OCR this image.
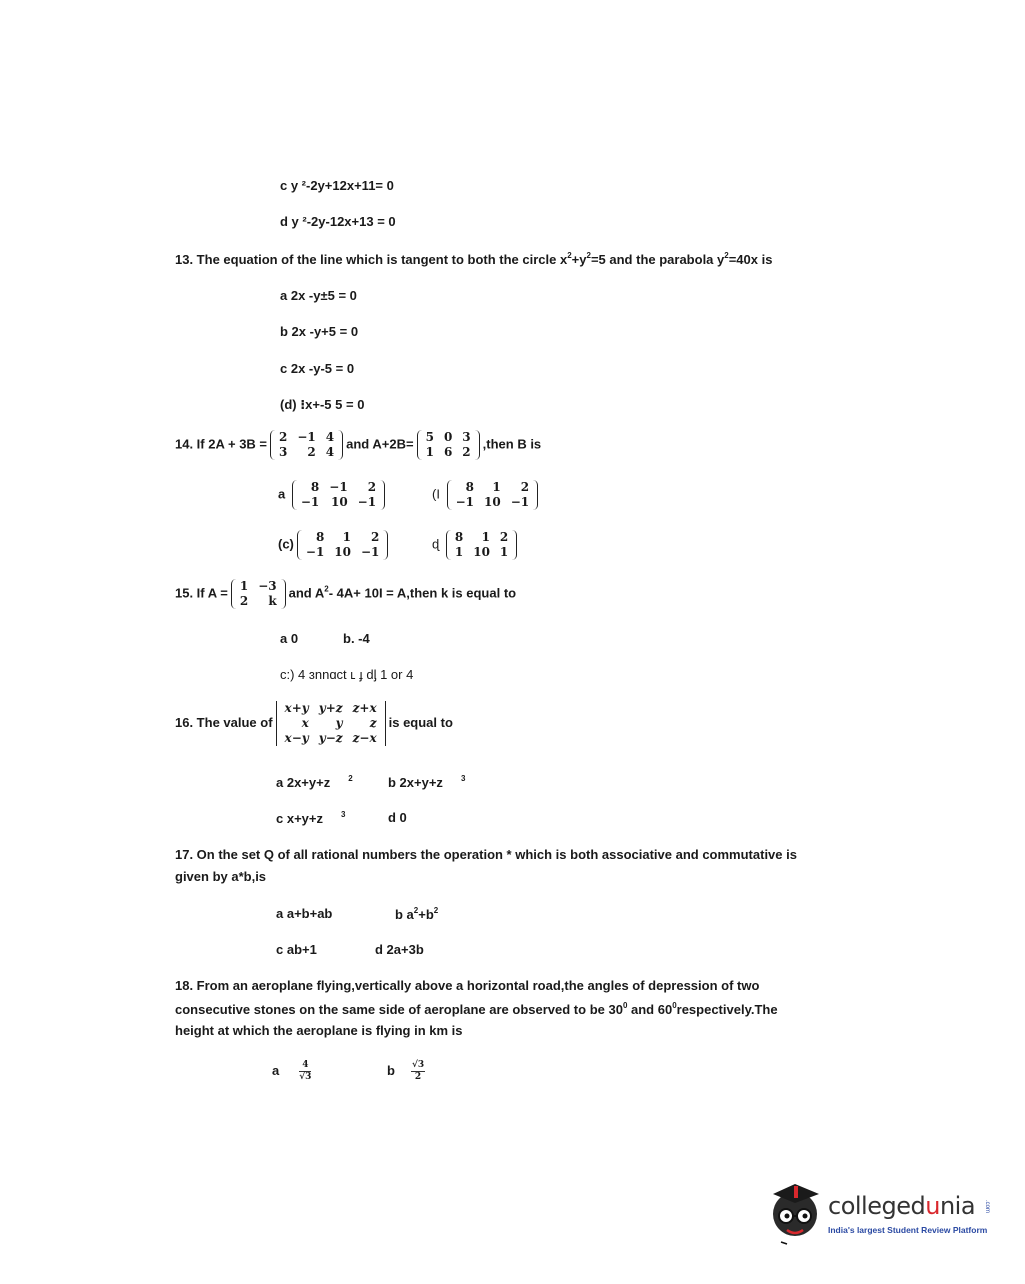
c y ²-2y+12x+11= 0
d y ²-2y-12x+13 = 0
13. The equation of the line which is tangent to both the circle $x^2+y^2=5$ and the parabola $y^2=40x$ is
a 2x -y±5 = 0
b 2x -y+5 = 0
c 2x -y-5 = 0
(d) ⁝x+-5 5 = 0
14. If 2A + 3B = 2	−1	4
3	2	4
and A+2B= 5	0	3
1	6	2
,then B is
a 8	−1	2
−1	10	−1
(I 8	1	2
−1	10	−1
(c) 8	1	2
−1	10	−1
ɖ 8	1	2
1	10	1
15. If A = 1	−3
2	k
and $A^2-$ 4A+ 10I = A,then k is equal to
a 0	b. -4
c:) 4 ɜnnɑct ʟ ɟ dᶅ 1 or 4
16. The value of
x+y	y+z	z+x
x	y	z
x−y	y−z	z−x
is equal to
a 2x+y+z $^2$	b 2x+y+z $^3$
c x+y+z $^3$	d 0
17. On the set Q of all rational numbers the operation * which is both associative and commutative is
given by a*b,is
a a+b+ab	b $a^2+b^2$
c ab+1	d 2a+3b
18. From an aeroplane flying,vertically above a horizontal road,the angles of depression of two
consecutive stones on the same side of aeroplane are observed to be $30^0$ and $60^0respectively.The$
height at which the aeroplane is flying in km is
a $\frac{4}{√3}$	b $\frac{√3}{2}$
collegedunia
India's largest Student Review Platform
.com
